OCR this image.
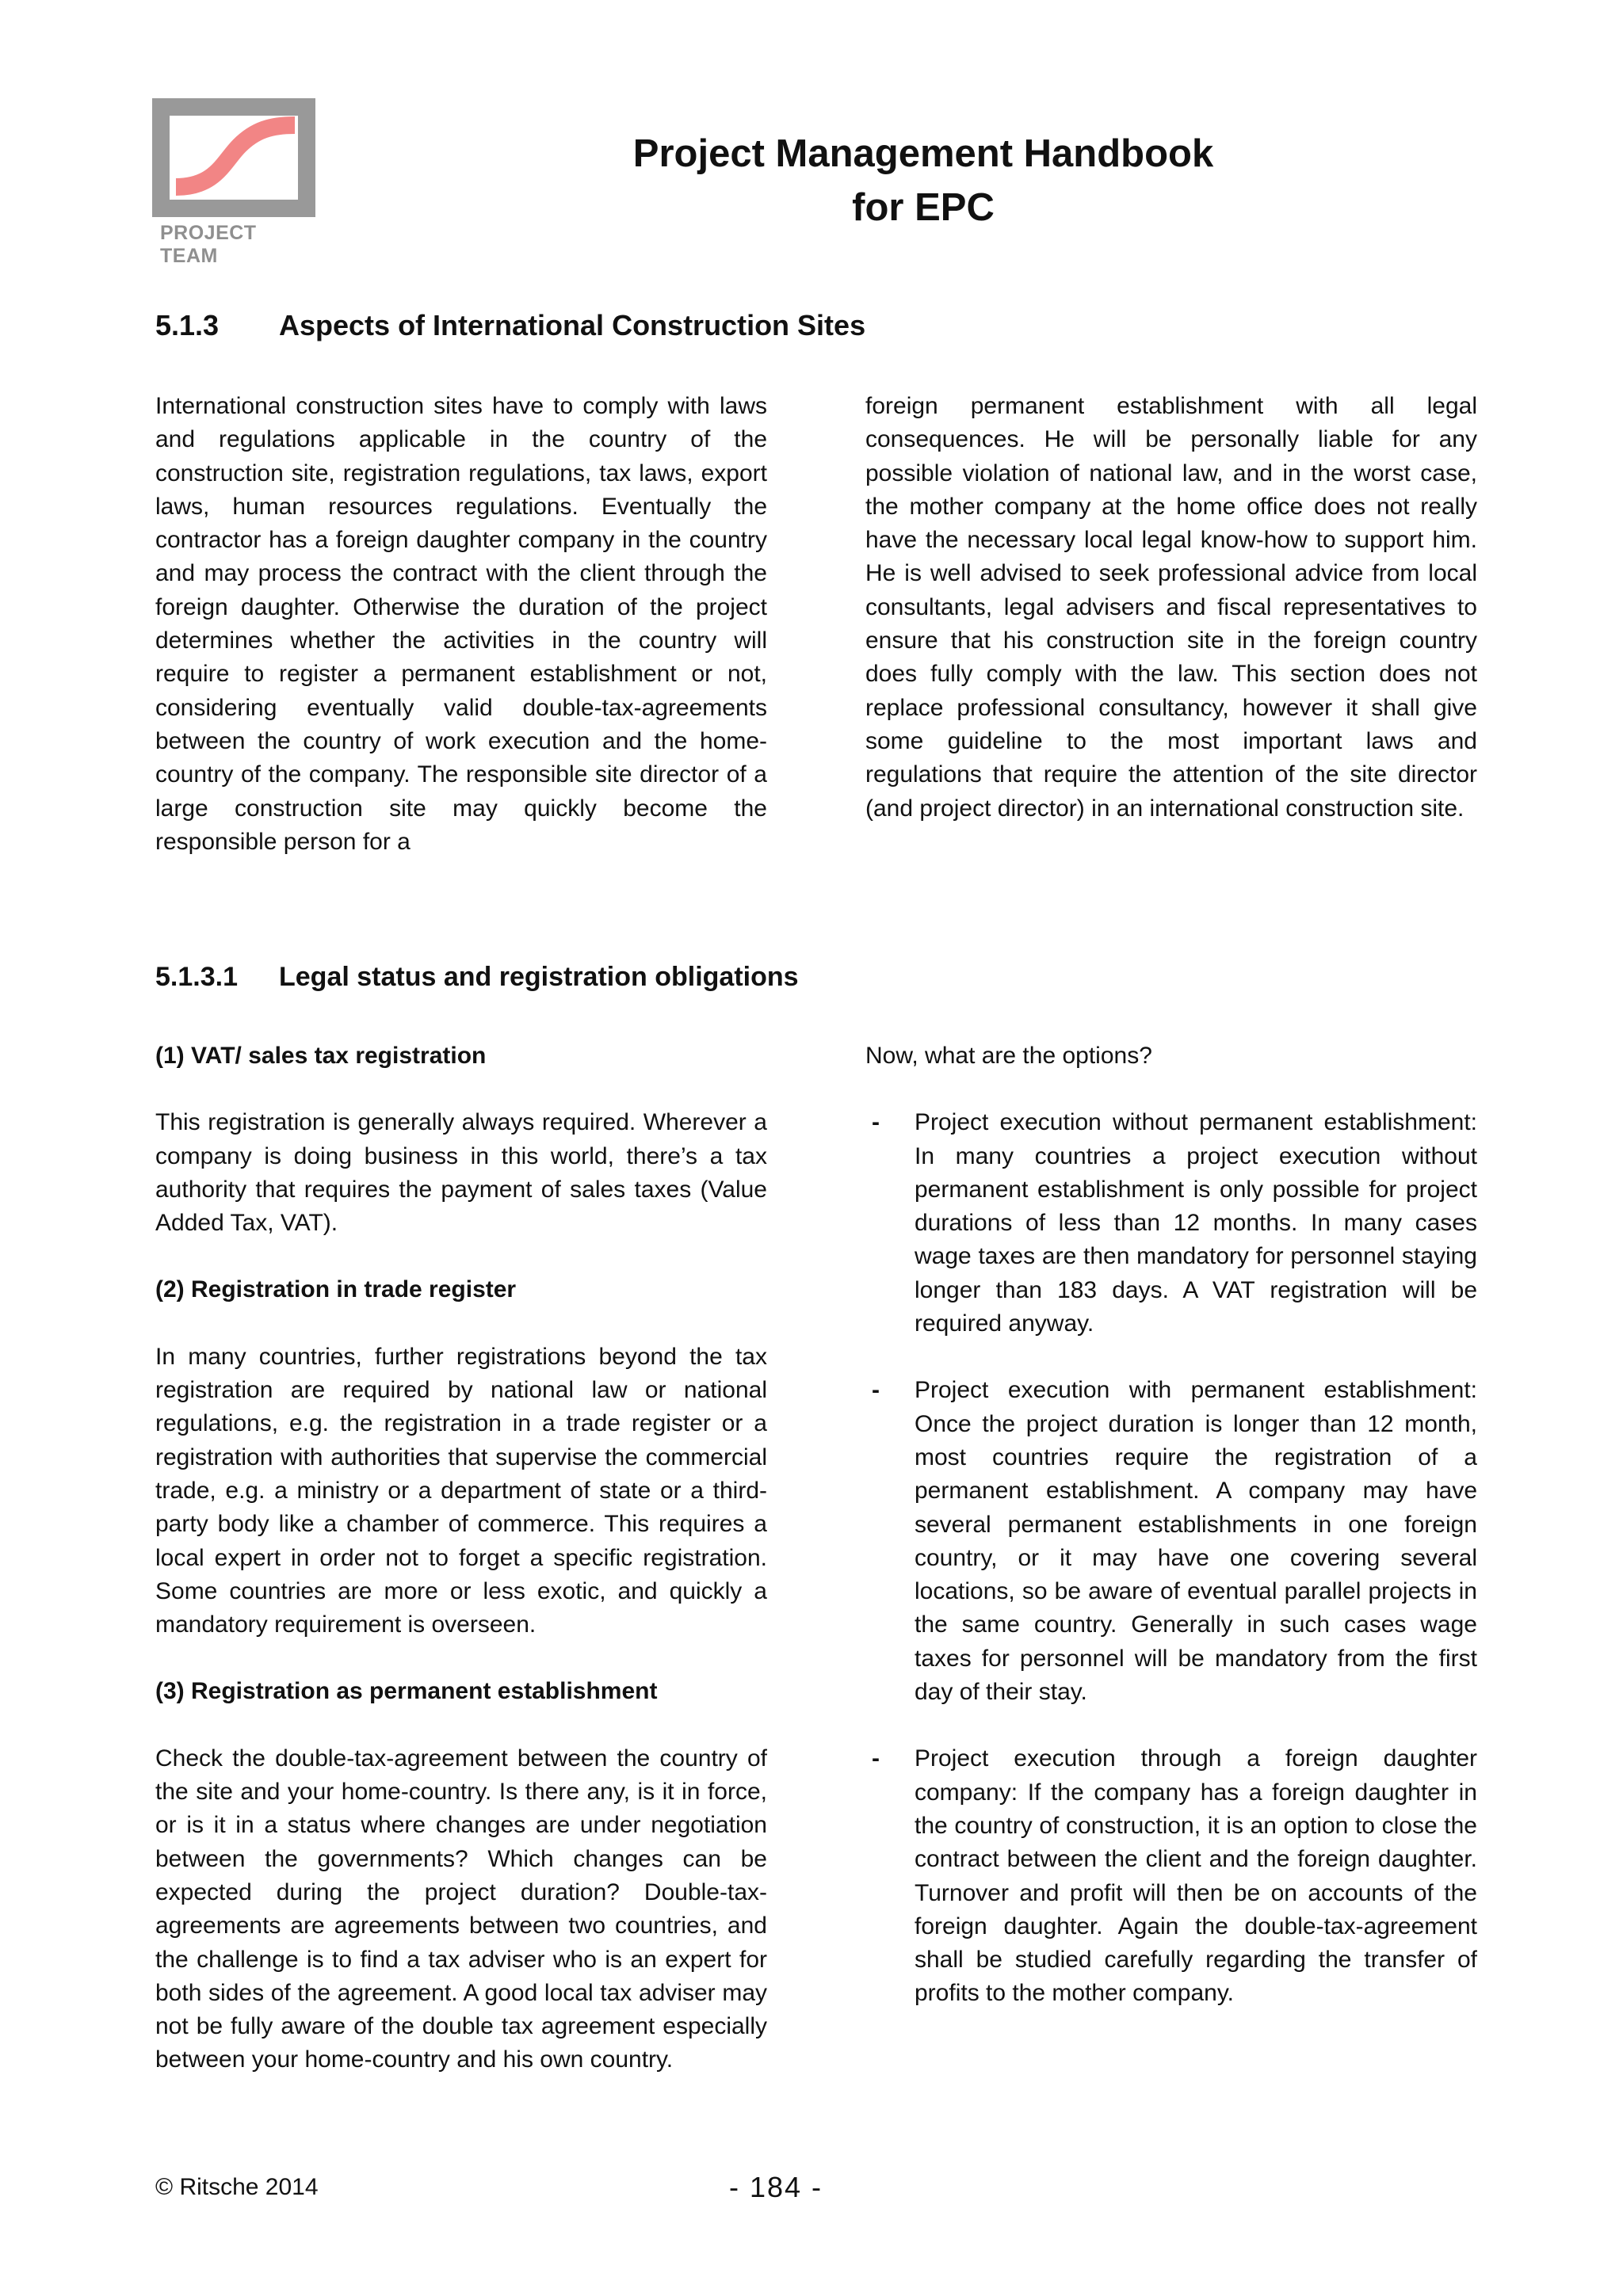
PROJECT TEAM
Project Management Handbook
for EPC
5.1.3 Aspects of International Construction Sites

International construction sites have to comply with laws and regulations applicable in the country of the construction site, registration regulations, tax laws, export laws, human resources regulations. Eventually the contractor has a foreign daughter company in the country and may process the contract with the client through the foreign daughter. Otherwise the duration of the project determines whether the activities in the country will require to register a permanent establishment or not, considering eventually valid double-tax-agreements between the country of work execution and the home-country of the company. The responsible site director of a large construction site may quickly become the responsible person for a

foreign permanent establishment with all legal consequences. He will be personally liable for any possible violation of national law, and in the worst case, the mother company at the home office does not really have the necessary local legal know-how to support him. He is well advised to seek professional advice from local consultants, legal advisers and fiscal representatives to ensure that his construction site in the foreign country does fully comply with the law. This section does not replace professional consultancy, however it shall give some guideline to the most important laws and regulations that require the attention of the site director (and project director) in an international construction site.

5.1.3.1 Legal status and registration obligations

(1) VAT/ sales tax registration

This registration is generally always required. Wherever a company is doing business in this world, there’s a tax authority that requires the payment of sales taxes (Value Added Tax, VAT).

(2) Registration in trade register

In many countries, further registrations beyond the tax registration are required by national law or national regulations, e.g. the registration in a trade register or a registration with authorities that supervise the commercial trade, e.g. a ministry or a department of state or a third-party body like a chamber of commerce. This requires a local expert in order not to forget a specific registration. Some countries are more or less exotic, and quickly a mandatory requirement is overseen.

(3) Registration as permanent establishment

Check the double-tax-agreement between the country of the site and your home-country. Is there any, is it in force, or is it in a status where changes are under negotiation between the governments? Which changes can be expected during the project duration? Double-tax-agreements are agreements between two countries, and the challenge is to find a tax adviser who is an expert for both sides of the agreement. A good local tax adviser may not be fully aware of the double tax agreement especially between your home-country and his own country.

Now, what are the options?

- Project execution without permanent establishment: In many countries a project execution without permanent establishment is only possible for project durations of less than 12 months. In many cases wage taxes are then mandatory for personnel staying longer than 183 days. A VAT registration will be required anyway.
- Project execution with permanent establishment: Once the project duration is longer than 12 month, most countries require the registration of a permanent establishment. A company may have several permanent establishments in one foreign country, or it may have one covering several locations, so be aware of eventual parallel projects in the same country. Generally in such cases wage taxes for personnel will be mandatory from the first day of their stay.
- Project execution through a foreign daughter company: If the company has a foreign daughter in the country of construction, it is an option to close the contract between the client and the foreign daughter. Turnover and profit will then be on accounts of the foreign daughter. Again the double-tax-agreement shall be studied carefully regarding the transfer of profits to the mother company.
© Ritsche 2014	- 184 -
